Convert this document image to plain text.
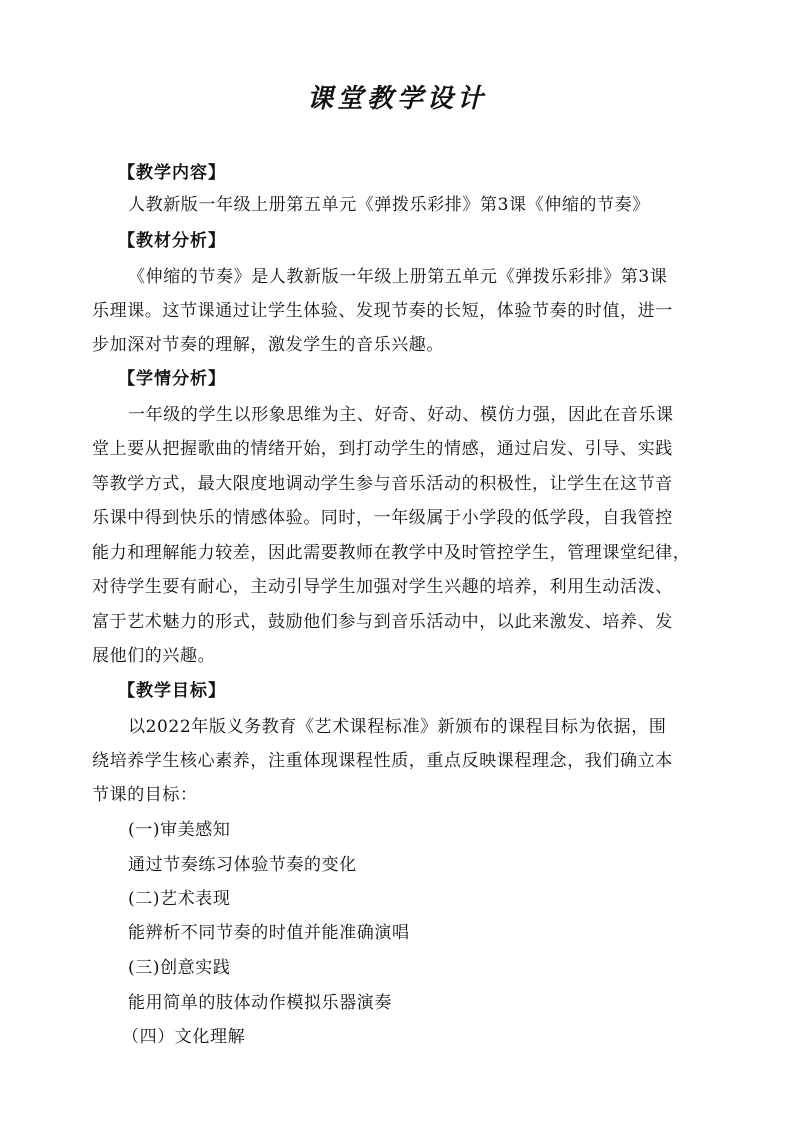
课堂教学设计
【教学内容】
人教新版一年级上册第五单元《弹拨乐彩排》第3课《伸缩的节奏》
【教材分析】
《伸缩的节奏》是人教新版一年级上册第五单元《弹拨乐彩排》第3课
乐理课。这节课通过让学生体验、发现节奏的长短，体验节奏的时值，进一
步加深对节奏的理解，激发学生的音乐兴趣。
【学情分析】
一年级的学生以形象思维为主、好奇、好动、模仿力强，因此在音乐课
堂上要从把握歌曲的情绪开始，到打动学生的情感，通过启发、引导、实践
等教学方式，最大限度地调动学生参与音乐活动的积极性，让学生在这节音
乐课中得到快乐的情感体验。同时，一年级属于小学段的低学段，自我管控
能力和理解能力较差，因此需要教师在教学中及时管控学生，管理课堂纪律，
对待学生要有耐心，主动引导学生加强对学生兴趣的培养，利用生动活泼、
富于艺术魅力的形式，鼓励他们参与到音乐活动中，以此来激发、培养、发
展他们的兴趣。
【教学目标】
以2022年版义务教育《艺术课程标准》新颁布的课程目标为依据，围
绕培养学生核心素养，注重体现课程性质，重点反映课程理念，我们确立本
节课的目标：
(一)审美感知
通过节奏练习体验节奏的变化
(二)艺术表现
能辨析不同节奏的时值并能准确演唱
(三)创意实践
能用简单的肢体动作模拟乐器演奏
（四）文化理解
